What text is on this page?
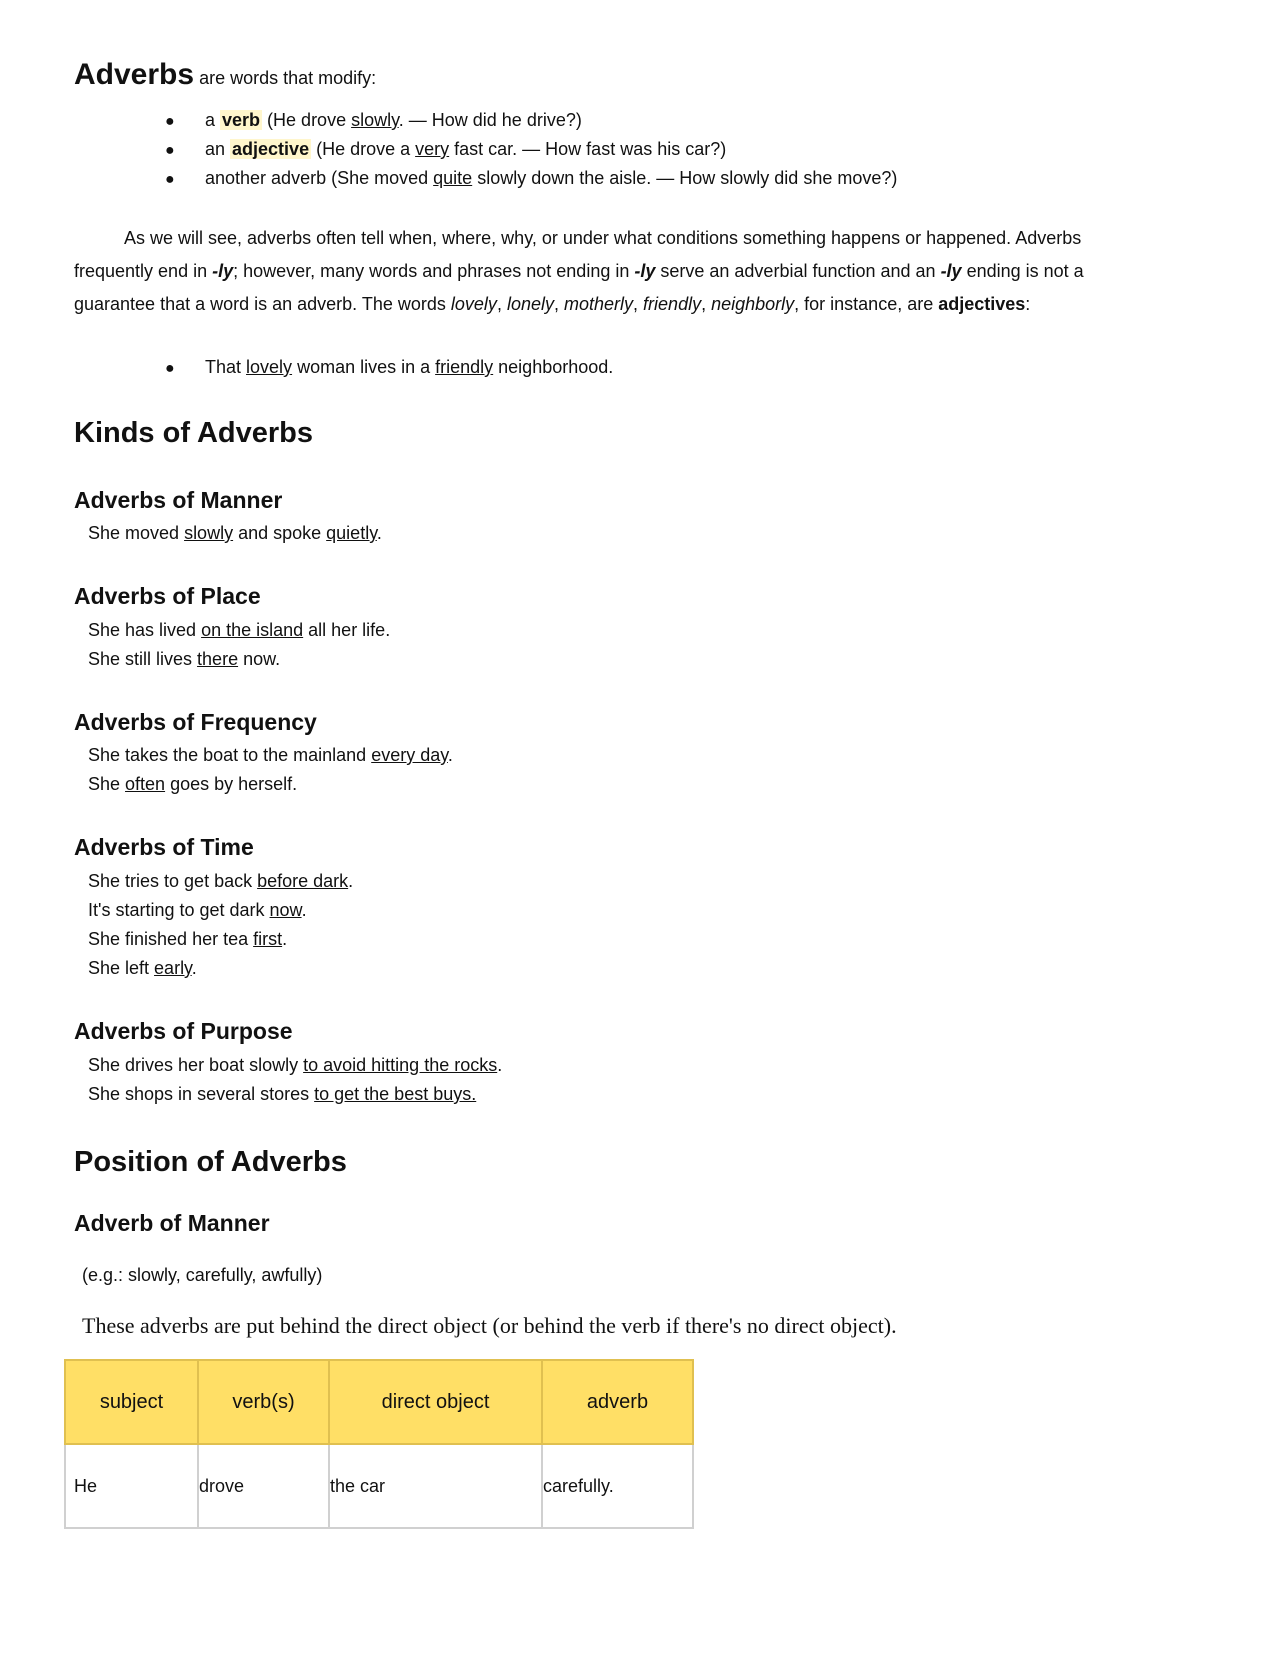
Adverbs are words that modify:
● a verb (He drove slowly. — How did he drive?)
● an adjective (He drove a very fast car. — How fast was his car?)
● another adverb (She moved quite slowly down the aisle. — How slowly did she move?)
As we will see, adverbs often tell when, where, why, or under what conditions something happens or happened. Adverbs frequently end in -ly; however, many words and phrases not ending in -ly serve an adverbial function and an -ly ending is not a guarantee that a word is an adverb. The words lovely, lonely, motherly, friendly, neighborly, for instance, are adjectives:
● That lovely woman lives in a friendly neighborhood.
Kinds of Adverbs
Adverbs of Manner
She moved slowly and spoke quietly.
Adverbs of Place
She has lived on the island all her life.
She still lives there now.
Adverbs of Frequency
She takes the boat to the mainland every day.
She often goes by herself.
Adverbs of Time
She tries to get back before dark.
It's starting to get dark now.
She finished her tea first.
She left early.
Adverbs of Purpose
She drives her boat slowly to avoid hitting the rocks.
She shops in several stores to get the best buys.
Position of Adverbs
Adverb of Manner
(e.g.: slowly, carefully, awfully)
These adverbs are put behind the direct object (or behind the verb if there's no direct object).
subject	verb(s)	direct object	adverb
He	drove	the car	carefully.
